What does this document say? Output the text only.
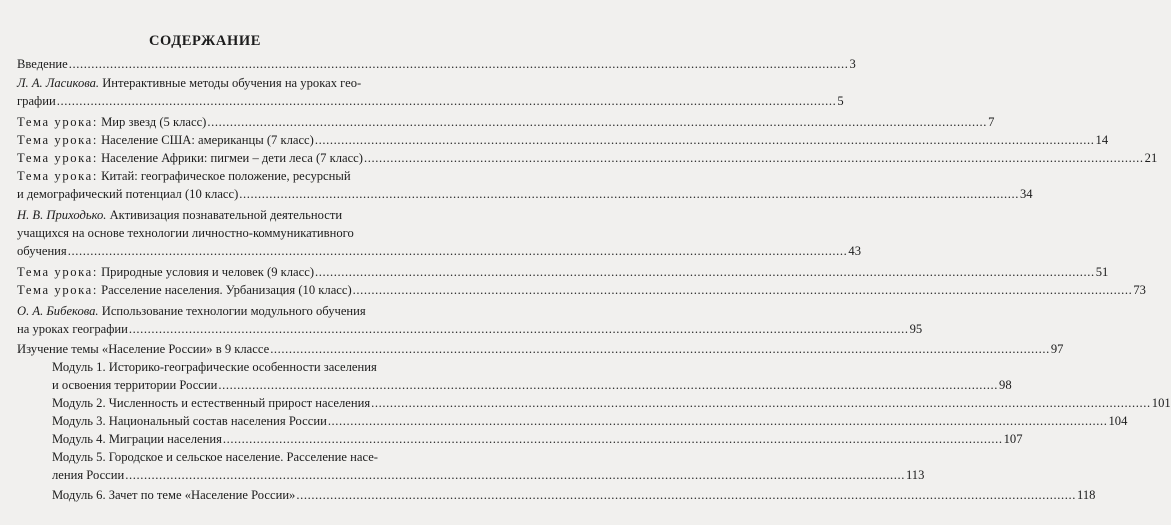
СОДЕРЖАНИЕ
Введение .....	3
Л. А. Ласикова. Интерактивные методы обучения на уроках гео-
графии .....	5
Тема урока: Мир звезд (5 класс) .....	7
Тема урока: Население США: американцы (7 класс) .....	14
Тема урока: Население Африки: пигмеи – дети леса (7 класс) .....	21
Тема урока: Китай: географическое положение, ресурсный
и демографический потенциал (10 класс) .....	34
Н. В. Приходько. Активизация познавательной деятельности
учащихся на основе технологии личностно-коммуникативного
обучения .....	43
Тема урока: Природные условия и человек (9 класс) .....	51
Тема урока: Расселение населения. Урбанизация (10 класс) .....	73
О. А. Бибекова. Использование технологии модульного обучения
на уроках географии .....	95
Изучение темы «Население России» в 9 классе .....	97
Модуль 1. Историко-географические особенности заселения
и освоения территории России .....	98
Модуль 2. Численность и естественный прирост населения .....	101
Модуль 3. Национальный состав населения России .....	104
Модуль 4. Миграции населения .....	107
Модуль 5. Городское и сельское население. Расселение насе-
ления России .....	113
Модуль 6. Зачет по теме «Население России» .....	118
